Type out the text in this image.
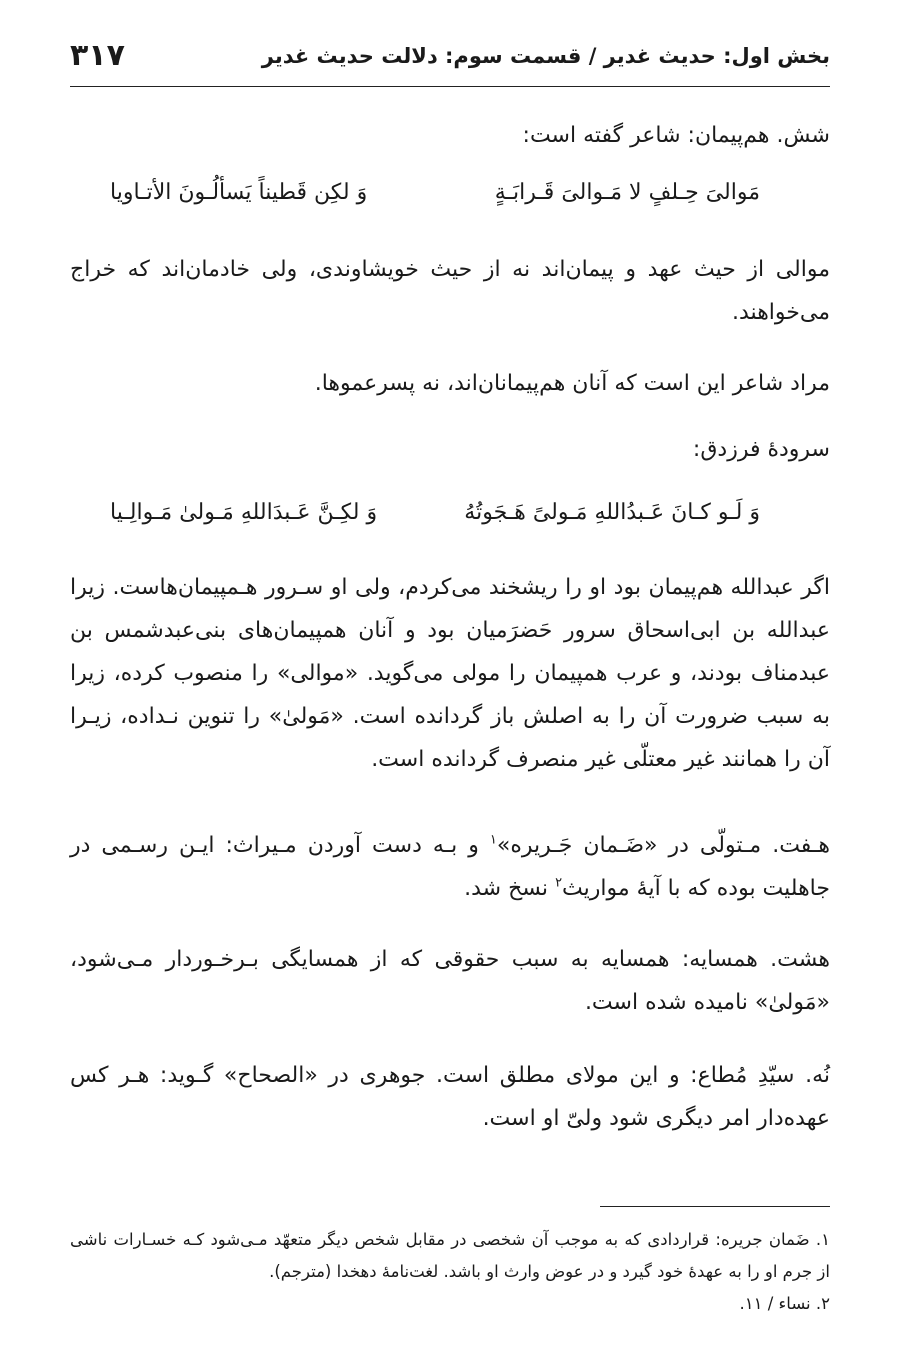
بخش اول: حدیث غدیر / قسمت سوم: دلالت حدیث غدیر
۳۱۷

شش. هم‌پیمان: شاعر گفته است:

مَوالیَ حِـلفٍ لا مَـوالیَ قَـرابَـةٍ
وَ لکِن قَطیناً یَسألُـونَ الأتـاویا

موالی از حیث عهد و پیمان‌اند نه از حیث خویشاوندی، ولی خادمان‌اند که خراج می‌خواهند.

مراد شاعر این است که آنان هم‌پیمانان‌اند، نه پسرعموها.

سرودهٔ فرزدق:

وَ لَـو کـانَ عَـبدُاللهِ مَـولیً هَـجَوتُهُ
وَ لکِـنَّ عَـبدَاللهِ مَـولیٰ مَـوالِـیا

اگر عبدالله هم‌پیمان بود او را ریشخند می‌کردم، ولی او سـرور هـمپیمان‌هاست. زیرا عبدالله بن ابی‌اسحاق سرور حَضرَمیان بود و آنان همپیمان‌های بنی‌عبدشمس بن عبدمناف بودند، و عرب همپیمان را مولی می‌گوید. «موالی» را منصوب کرده، زیرا به سبب ضرورت آن را به اصلش باز گردانده است. «مَولیٰ» را تنوین نـداده، زیـرا آن را همانند غیر معتلّی غیر منصرف گردانده است.

هـفت. مـتولّی در «ضَـمان جَـریره»$^۱$ و بـه دست آوردن مـیراث: ایـن رسـمی در جاهلیت بوده که با آیهٔ مواریث$^۲$ نسخ شد.

هشت. همسایه: همسایه به سبب حقوقی که از همسایگی بـرخـوردار مـی‌شود، «مَولیٰ» نامیده شده است.

نُه. سیّدِ مُطاع: و این مولای مطلق است. جوهری در «الصحاح» گـوید: هـر کس عهده‌دار امر دیگری شود ولیّ او است.

۱. ضَمان جریره: قراردادی که به موجب آن شخصی در مقابل شخص دیگر متعهّد مـی‌شود کـه خسـارات ناشی از جرم او را به عهدهٔ خود گیرد و در عوض وارث او باشد. لغت‌نامهٔ دهخدا (مترجم).

۲. نساء / ۱۱.
